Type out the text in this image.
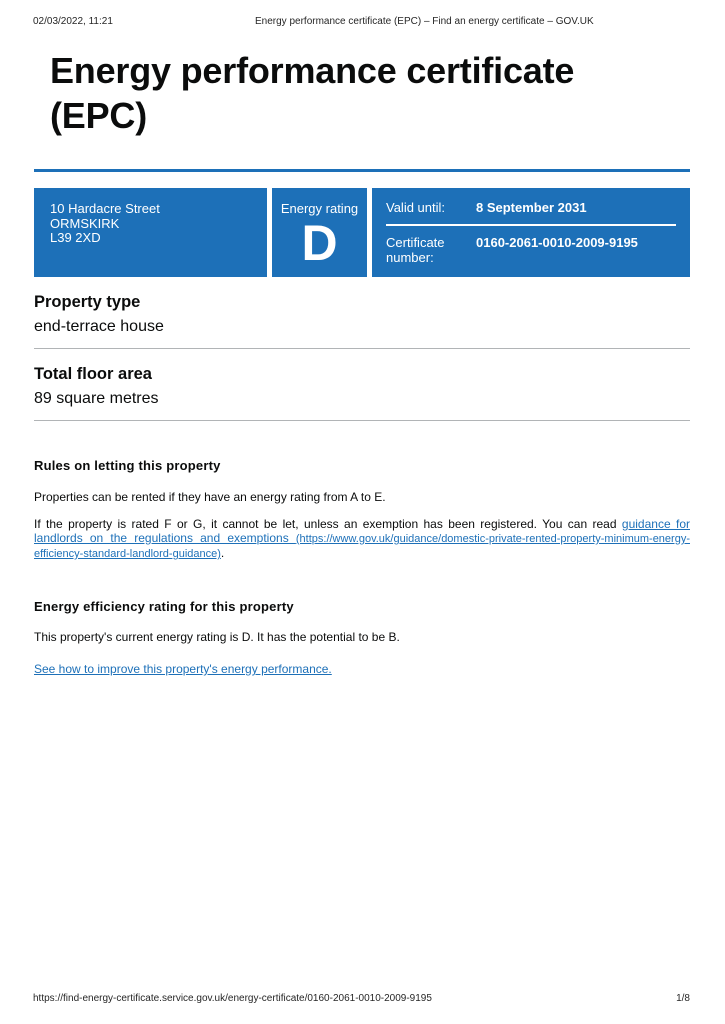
02/03/2022, 11:21	Energy performance certificate (EPC) – Find an energy certificate – GOV.UK
Energy performance certificate (EPC)
10 Hardacre Street
ORMSKIRK
L39 2XD
Energy rating
D
Valid until:	8 September 2031
Certificate number:
0160-2061-0010-2009-9195
Property type
end-terrace house
Total floor area
89 square metres
Rules on letting this property

Properties can be rented if they have an energy rating from A to E.

If the property is rated F or G, it cannot be let, unless an exemption has been registered. You can read guidance for landlords on the regulations and exemptions (https://www.gov.uk/guidance/domestic-private-rented-property-minimum-energy-efficiency-standard-landlord-guidance).

Energy efficiency rating for this property

This property's current energy rating is D. It has the potential to be B.

See how to improve this property's energy performance.

https://find-energy-certificate.service.gov.uk/energy-certificate/0160-2061-0010-2009-9195	1/8
